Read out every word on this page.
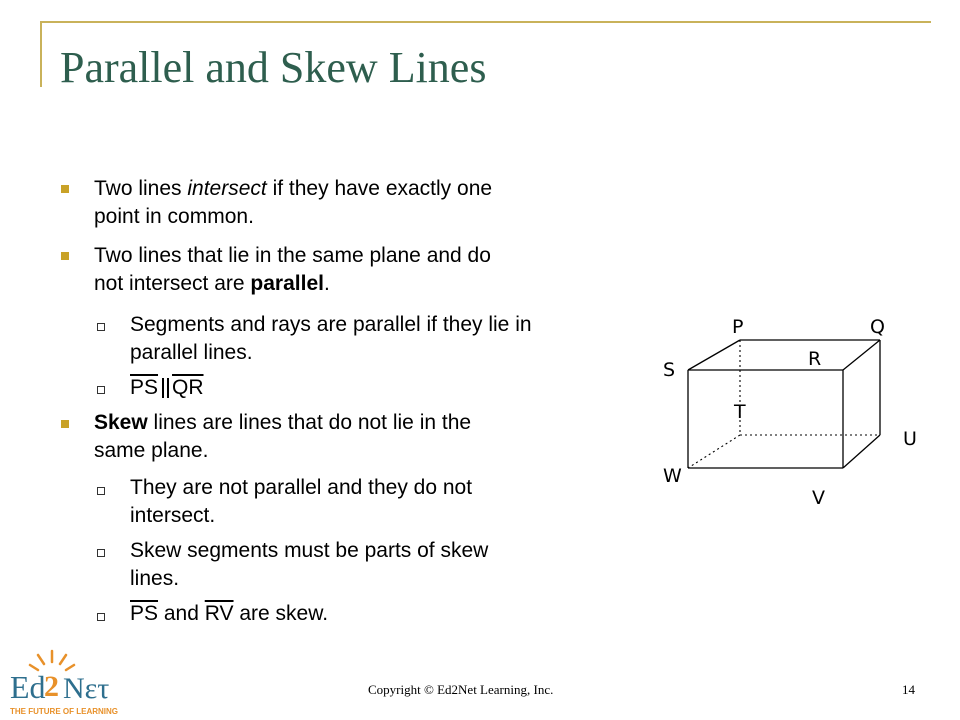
Parallel and Skew Lines
Two lines intersect if they have exactly one
point in common.
Two lines that lie in the same plane and do
not intersect are parallel.
Segments and rays are parallel if they lie in
parallel lines.
$\overline{PS}$ $\overline{QR}$
Skew lines are lines that do not lie in the
same plane.
They are not parallel and they do not
intersect.
Skew segments must be parts of skew
lines.
$\overline{PS}$ and $\overline{RV}$ are skew.
P	Q
R
S
T
U
W
V
Ed
2 Nετ
THE FUTURE OF LEARNING
Copyright © Ed2Net Learning, Inc.	14
